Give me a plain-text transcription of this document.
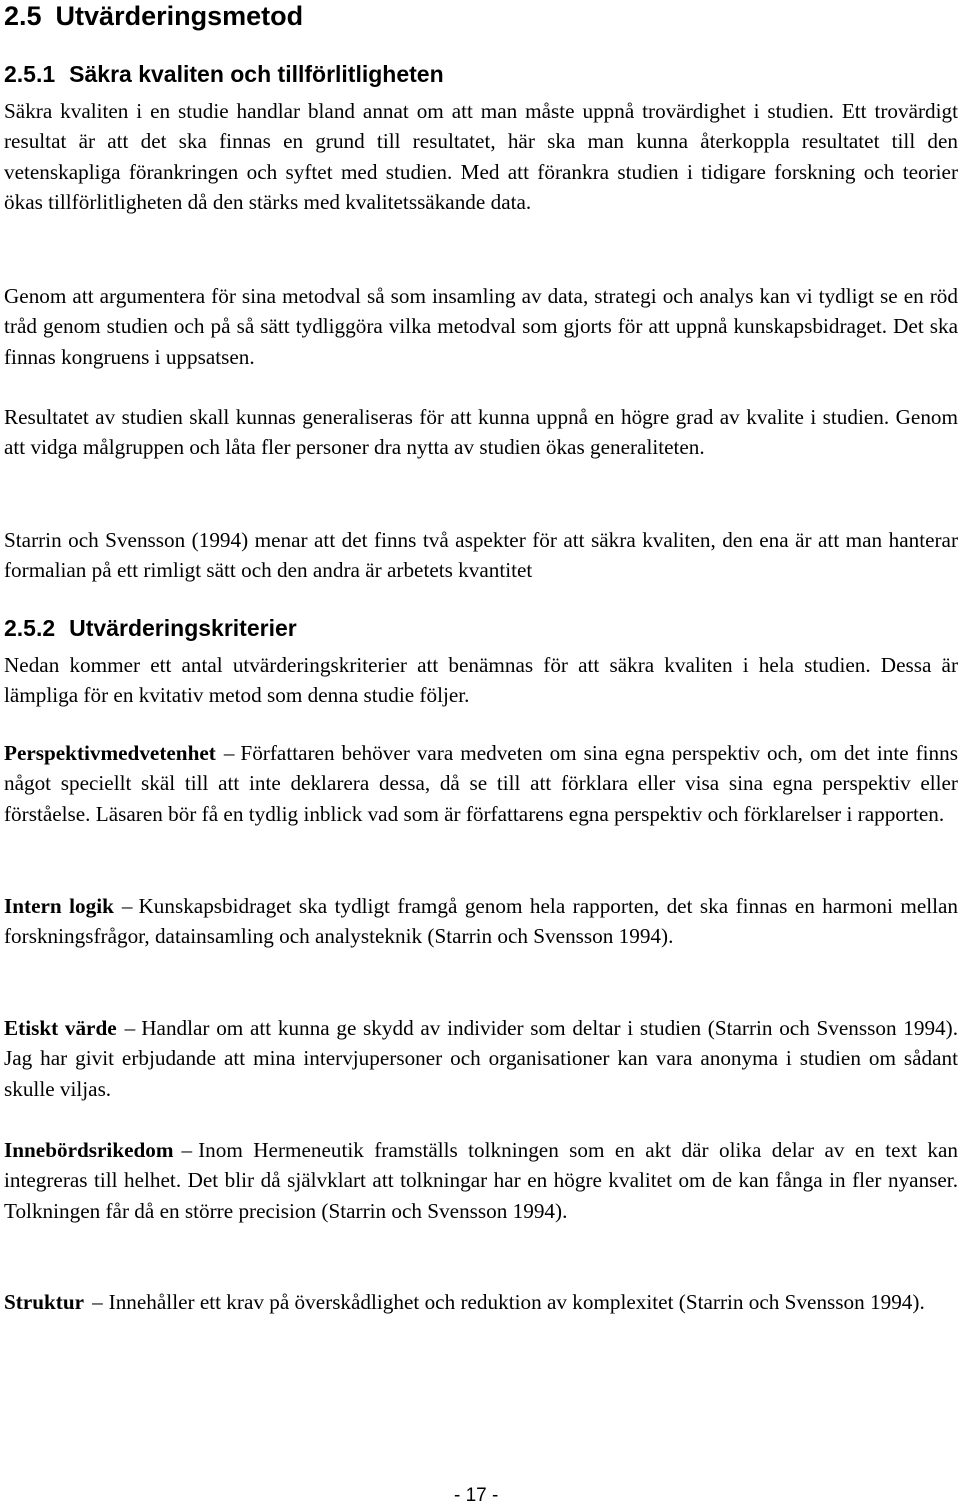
2.5 Utvärderingsmetod
2.5.1 Säkra kvaliten och tillförlitligheten

Säkra kvaliten i en studie handlar bland annat om att man måste uppnå trovärdighet i studien. Ett trovärdigt resultat är att det ska finnas en grund till resultatet, här ska man kunna återkoppla resultatet till den vetenskapliga förankringen och syftet med studien. Med att förankra studien i tidigare forskning och teorier ökas tillförlitligheten då den stärks med kvalitetssäkande data.

Genom att argumentera för sina metodval så som insamling av data, strategi och analys kan vi tydligt se en röd tråd genom studien och på så sätt tydliggöra vilka metodval som gjorts för att uppnå kunskapsbidraget. Det ska finnas kongruens i uppsatsen.

Resultatet av studien skall kunnas generaliseras för att kunna uppnå en högre grad av kvalite i studien. Genom att vidga målgruppen och låta fler personer dra nytta av studien ökas generaliteten.

Starrin och Svensson (1994) menar att det finns två aspekter för att säkra kvaliten, den ena är att man hanterar formalian på ett rimligt sätt och den andra är arbetets kvantitet

2.5.2 Utvärderingskriterier

Nedan kommer ett antal utvärderingskriterier att benämnas för att säkra kvaliten i hela studien. Dessa är lämpliga för en kvitativ metod som denna studie följer.

Perspektivmedvetenhet – Författaren behöver vara medveten om sina egna perspektiv och, om det inte finns något speciellt skäl till att inte deklarera dessa, då se till att förklara eller visa sina egna perspektiv eller förståelse. Läsaren bör få en tydlig inblick vad som är författarens egna perspektiv och förklarelser i rapporten.

Intern logik – Kunskapsbidraget ska tydligt framgå genom hela rapporten, det ska finnas en harmoni mellan forskningsfrågor, datainsamling och analysteknik (Starrin och Svensson 1994).

Etiskt värde – Handlar om att kunna ge skydd av individer som deltar i studien (Starrin och Svensson 1994). Jag har givit erbjudande att mina intervjupersoner och organisationer kan vara anonyma i studien om sådant skulle viljas.

Innebördsrikedom – Inom Hermeneutik framställs tolkningen som en akt där olika delar av en text kan integreras till helhet. Det blir då självklart att tolkningar har en högre kvalitet om de kan fånga in fler nyanser. Tolkningen får då en större precision (Starrin och Svensson 1994).

Struktur – Innehåller ett krav på överskådlighet och reduktion av komplexitet (Starrin och Svensson 1994).

- 17 -
